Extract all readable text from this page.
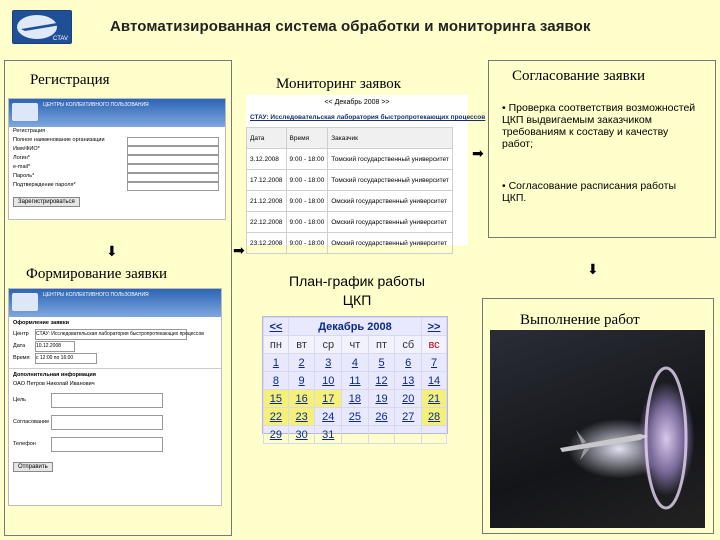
CTAV
Автоматизированная система обработки и мониторинга заявок
Регистрация
ЦЕНТРЫ КОЛЛЕКТИВНОГО ПОЛЬЗОВАНИЯ
Регистрация
Полное наименование организации
Имя/ФИО*
Логин*
e-mail*
Пароль*
Подтверждение пароля*
Зарегистрироваться
⬇
Формирование заявки
ЦЕНТРЫ КОЛЛЕКТИВНОГО ПОЛЬЗОВАНИЯ
Оформление заявки
Центр СТАУ: Исследовательская лаборатория быстропротекающих процессов
Дата 10.12.2008
Время с 12:00 по 16:00
Дополнительная информация
ОАО Петров Николай Иванович
Цель
Согласование
Телефон
Отправить
➡
➡
Мониторинг заявок
<< Декабрь 2008 >>
СТАУ: Исследовательская лаборатория быстропротекающих процессов
Дата	Время	Заказчик
3.12.2008	9:00 - 18:00	Томский государственный университет
17.12.2008	9:00 - 18:00	Томский государственный университет
21.12.2008	9:00 - 18:00	Омский государственный университет
22.12.2008	9:00 - 18:00	Омский государственный университет
23.12.2008	9:00 - 18:00	Омский государственный университет
План-график работы
ЦКП
<<	Декабрь 2008					>>
пн	вт	ср	чт	пт	сб	вс
1	2	3	4	5	6	7
8	9	10	11	12	13	14
15	16	17	18	19	20	21
22	23	24	25	26	27	28
29	30	31				
Согласование заявки
• Проверка соответствия возможностей ЦКП выдвигаемым заказчиком требованиям к составу и качеству работ;
• Согласование расписания работы ЦКП.
⬇
Выполнение работ
